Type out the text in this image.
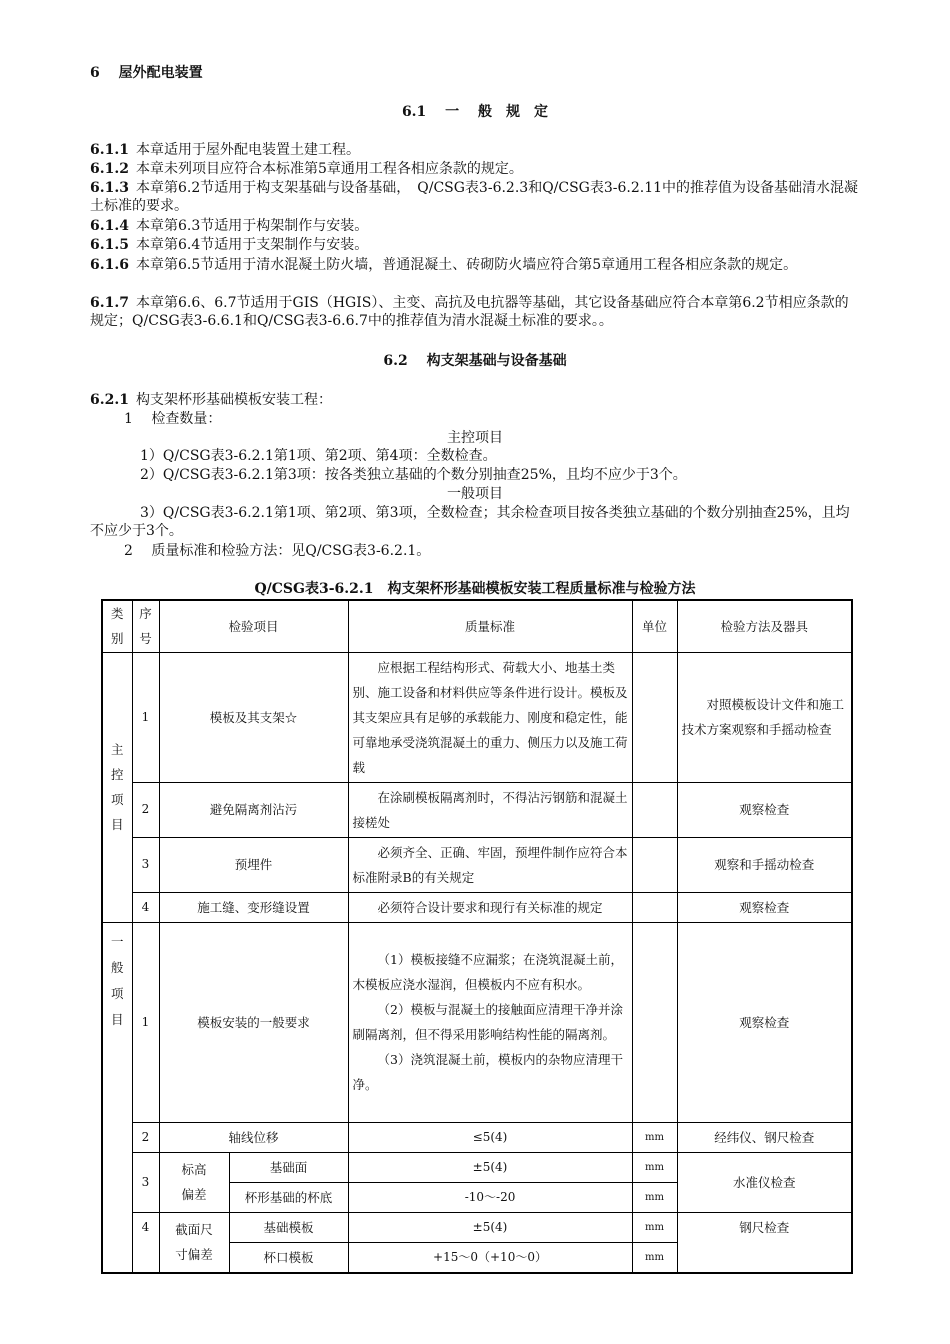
6　 屋外配电装置
6.1　 一　 般　规　定
6.1.1  本章适用于屋外配电装置土建工程。
6.1.2  本章未列项目应符合本标准第5章通用工程各相应条款的规定。
6.1.3  本章第6.2节适用于构支架基础与设备基础，　Q/CSG表3-6.2.3和Q/CSG表3-6.2.11中的推荐值为设备基础清水混凝土标准的要求。
6.1.4  本章第6.3节适用于构架制作与安装。
6.1.5  本章第6.4节适用于支架制作与安装。
6.1.6  本章第6.5节适用于清水混凝土防火墙，普通混凝土、砖砌防火墙应符合第5章通用工程各相应条款的规定。
6.1.7  本章第6.6、6.7节适用于GIS（HGIS）、主变、高抗及电抗器等基础，其它设备基础应符合本章第6.2节相应条款的规定；Q/CSG表3-6.6.1和Q/CSG表3-6.6.7中的推荐值为清水混凝土标准的要求。。
6.2　 构支架基础与设备基础
6.2.1  构支架杯形基础模板安装工程：
1　 检查数量：
主控项目
1）Q/CSG表3-6.2.1第1项、第2项、第4项：全数检查。
2）Q/CSG表3-6.2.1第3项：按各类独立基础的个数分别抽查25%，且均不应少于3个。
一般项目
3）Q/CSG表3-6.2.1第1项、第2项、第3项，全数检查；其余检查项目按各类独立基础的个数分别抽查25%，且均不应少于3个。
2　 质量标准和检验方法：见Q/CSG表3-6.2.1。
Q/CSG表3-6.2.1　构支架杯形基础模板安装工程质量标准与检验方法
类别	序号	检验项目		质量标准	单位	检验方法及器具

主控项目	1	模板及其支架☆		应根据工程结构形式、荷载大小、地基土类别、施工设备和材料供应等条件进行设计。模板及其支架应具有足够的承载能力、刚度和稳定性，能可靠地承受浇筑混凝土的重力、侧压力以及施工荷载		对照模板设计文件和施工技术方案观察和手摇动检查
	2	避免隔离剂沾污		在涂刷模板隔离剂时，不得沾污钢筋和混凝土接槎处		观察检查
	3	预埋件		必须齐全、正确、牢固，预埋件制作应符合本标准附录B的有关规定		观察和手摇动检查
	4	施工缝、变形缝设置		必须符合设计要求和现行有关标准的规定		观察检查

一般项目	1	模板安装的一般要求		（1）模板接缝不应漏浆；在浇筑混凝土前，木模板应浇水湿润，但模板内不应有积水。
（2）模板与混凝土的接触面应清理干净并涂刷隔离剂，但不得采用影响结构性能的隔离剂。
（3）浇筑混凝土前，模板内的杂物应清理干净。		观察检查
	2	轴线位移		≤5(4)	mm	经纬仪、钢尺检查
	3	标高偏差	基础面	±5(4)	mm	水准仪检查
			杯形基础的杯底	-10～-20	mm	
	4	截面尺寸偏差	基础模板	±5(4)	mm	钢尺检查
			杯口模板	+15～0（+10～0）	mm	
